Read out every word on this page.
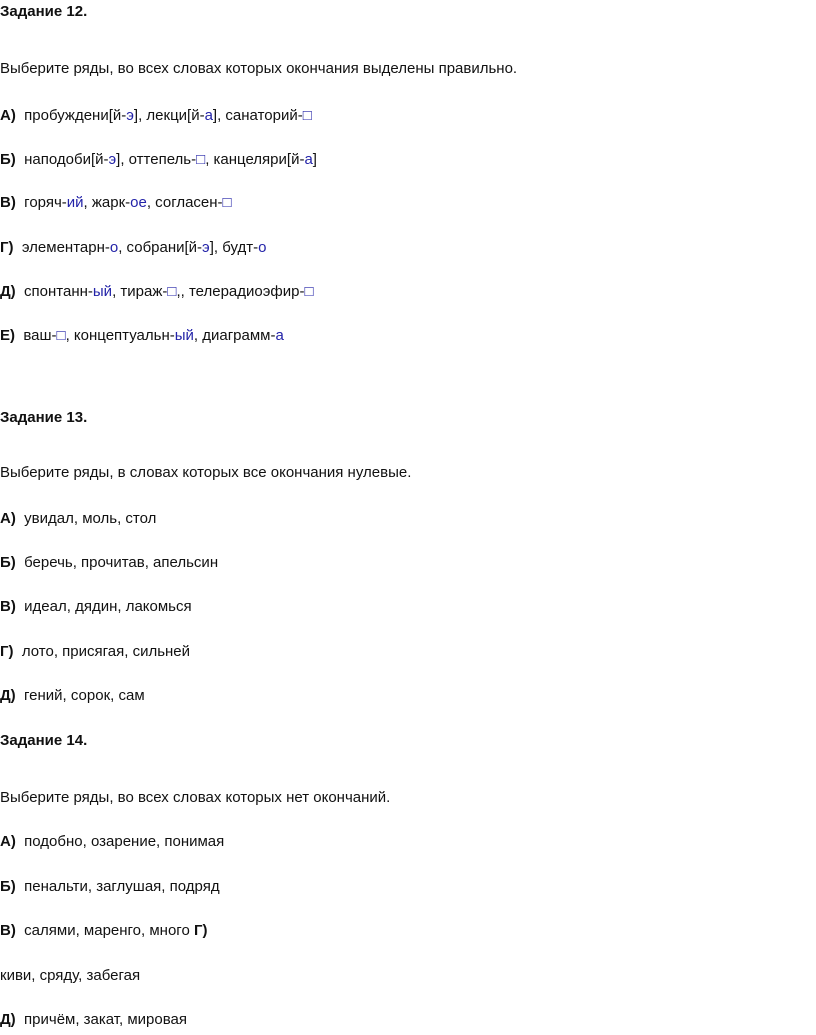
Задание 12.
Выберите ряды, во всех словах которых окончания выделены правильно.
А) пробуждени[й-э], лекци[й-а], санаторий-□
Б) наподоби[й-э], оттепель-□, канцеляри[й-а]
В) горяч-ий, жарк-ое, согласен-□
Г) элементарн-о, собрани[й-э], будт-о
Д) спонтанн-ый, тираж-□,, телерадиоэфир-□
Е) ваш-□, концептуальн-ый, диаграмм-а
Задание 13.
Выберите ряды, в словах которых все окончания нулевые.
А) увидал, моль, стол
Б) беречь, прочитав, апельсин
В) идеал, дядин, лакомься
Г) лото, присягая, сильней
Д) гений, сорок, сам
Задание 14.
Выберите ряды, во всех словах которых нет окончаний.
А) подобно, озарение, понимая
Б) пенальти, заглушая, подряд
В) салями, маренго, много Г)
киви, сряду, забегая
Д) причём, закат, мировая
